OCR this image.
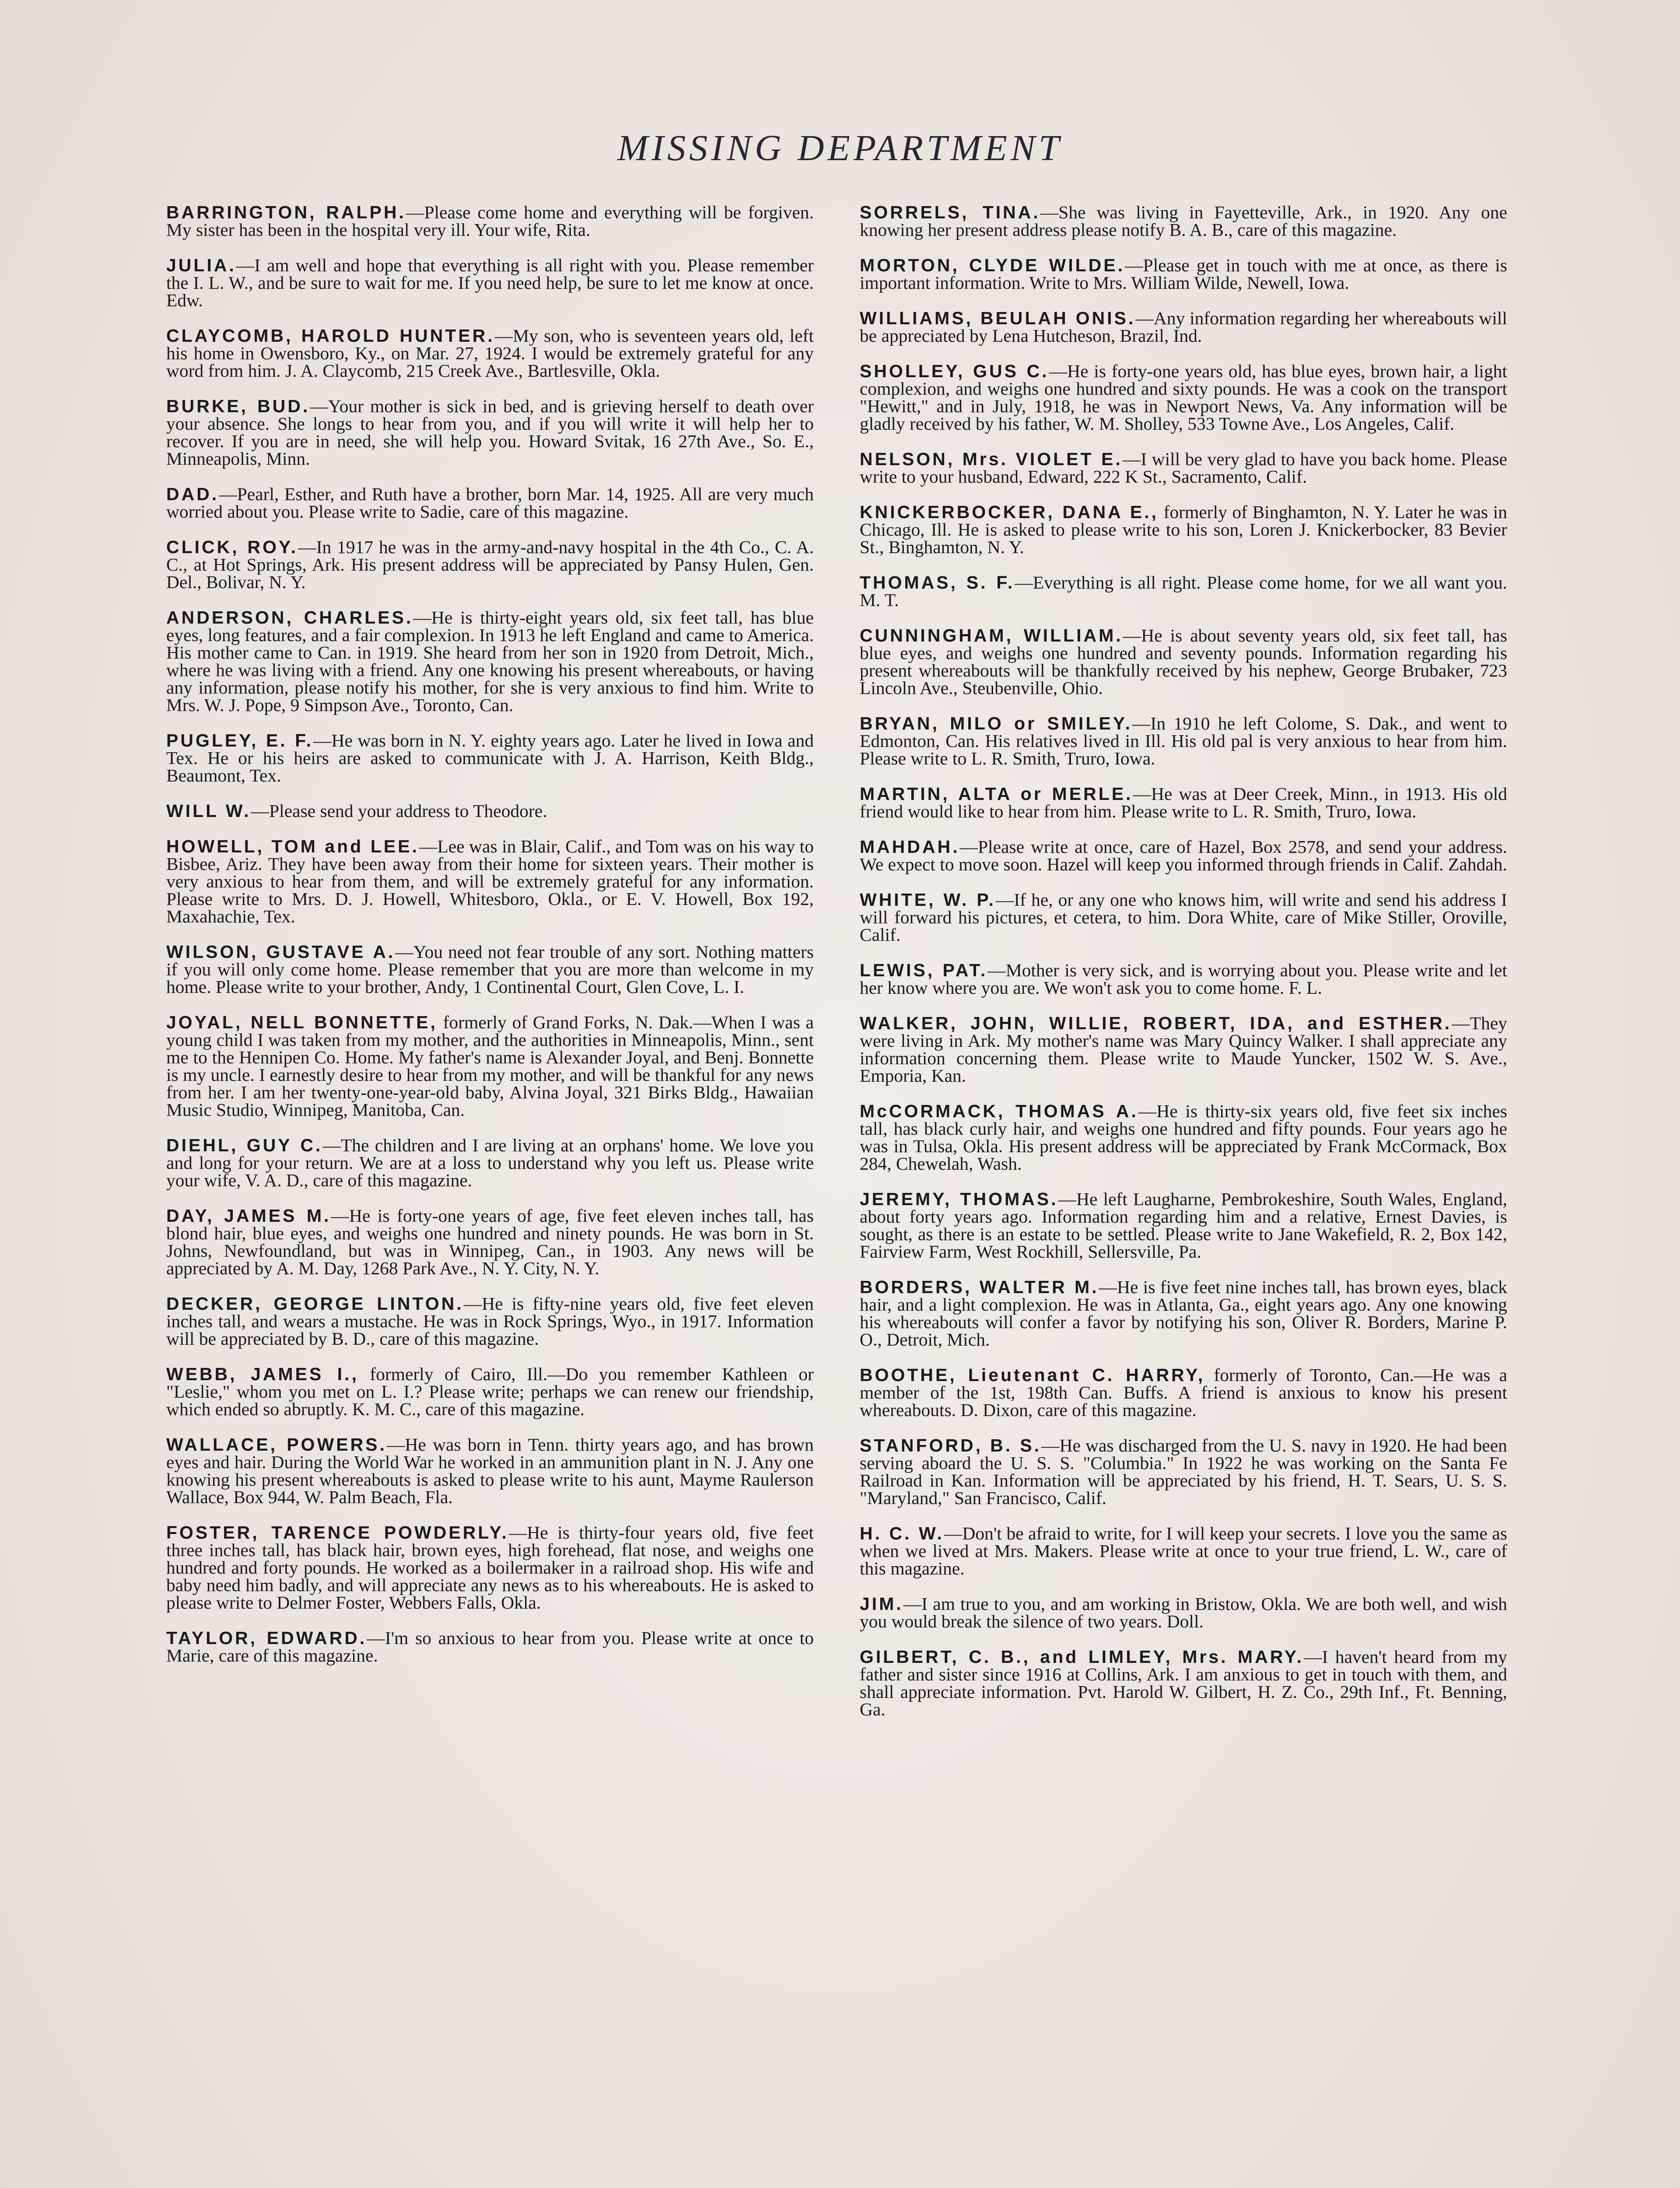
MISSING DEPARTMENT

BARRINGTON, RALPH.—Please come home and everything will be forgiven. My sister has been in the hospital very ill. Your wife, Rita.

JULIA.—I am well and hope that everything is all right with you. Please remember the I. L. W., and be sure to wait for me. If you need help, be sure to let me know at once. Edw.

CLAYCOMB, HAROLD HUNTER.—My son, who is seventeen years old, left his home in Owensboro, Ky., on Mar. 27, 1924. I would be extremely grateful for any word from him. J. A. Claycomb, 215 Creek Ave., Bartlesville, Okla.

BURKE, BUD.—Your mother is sick in bed, and is grieving herself to death over your absence. She longs to hear from you, and if you will write it will help her to recover. If you are in need, she will help you. Howard Svitak, 16 27th Ave., So. E., Minneapolis, Minn.

DAD.—Pearl, Esther, and Ruth have a brother, born Mar. 14, 1925. All are very much worried about you. Please write to Sadie, care of this magazine.

CLICK, ROY.—In 1917 he was in the army-and-navy hospital in the 4th Co., C. A. C., at Hot Springs, Ark. His present address will be appreciated by Pansy Hulen, Gen. Del., Bolivar, N. Y.

ANDERSON, CHARLES.—He is thirty-eight years old, six feet tall, has blue eyes, long features, and a fair complexion. In 1913 he left England and came to America. His mother came to Can. in 1919. She heard from her son in 1920 from Detroit, Mich., where he was living with a friend. Any one knowing his present whereabouts, or having any information, please notify his mother, for she is very anxious to find him. Write to Mrs. W. J. Pope, 9 Simpson Ave., Toronto, Can.

PUGLEY, E. F.—He was born in N. Y. eighty years ago. Later he lived in Iowa and Tex. He or his heirs are asked to communicate with J. A. Harrison, Keith Bldg., Beaumont, Tex.

WILL W.—Please send your address to Theodore.

HOWELL, TOM and LEE.—Lee was in Blair, Calif., and Tom was on his way to Bisbee, Ariz. They have been away from their home for sixteen years. Their mother is very anxious to hear from them, and will be extremely grateful for any information. Please write to Mrs. D. J. Howell, Whitesboro, Okla., or E. V. Howell, Box 192, Maxahachie, Tex.

WILSON, GUSTAVE A.—You need not fear trouble of any sort. Nothing matters if you will only come home. Please remember that you are more than welcome in my home. Please write to your brother, Andy, 1 Continental Court, Glen Cove, L. I.

JOYAL, NELL BONNETTE, formerly of Grand Forks, N. Dak.—When I was a young child I was taken from my mother, and the authorities in Minneapolis, Minn., sent me to the Hennipen Co. Home. My father's name is Alexander Joyal, and Benj. Bonnette is my uncle. I earnestly desire to hear from my mother, and will be thankful for any news from her. I am her twenty-one-year-old baby, Alvina Joyal, 321 Birks Bldg., Hawaiian Music Studio, Winnipeg, Manitoba, Can.

DIEHL, GUY C.—The children and I are living at an orphans' home. We love you and long for your return. We are at a loss to understand why you left us. Please write your wife, V. A. D., care of this magazine.

DAY, JAMES M.—He is forty-one years of age, five feet eleven inches tall, has blond hair, blue eyes, and weighs one hundred and ninety pounds. He was born in St. Johns, Newfoundland, but was in Winnipeg, Can., in 1903. Any news will be appreciated by A. M. Day, 1268 Park Ave., N. Y. City, N. Y.

DECKER, GEORGE LINTON.—He is fifty-nine years old, five feet eleven inches tall, and wears a mustache. He was in Rock Springs, Wyo., in 1917. Information will be appreciated by B. D., care of this magazine.

WEBB, JAMES I., formerly of Cairo, Ill.—Do you remember Kathleen or "Leslie," whom you met on L. I.? Please write; perhaps we can renew our friendship, which ended so abruptly. K. M. C., care of this magazine.

WALLACE, POWERS.—He was born in Tenn. thirty years ago, and has brown eyes and hair. During the World War he worked in an ammunition plant in N. J. Any one knowing his present whereabouts is asked to please write to his aunt, Mayme Raulerson Wallace, Box 944, W. Palm Beach, Fla.

FOSTER, TARENCE POWDERLY.—He is thirty-four years old, five feet three inches tall, has black hair, brown eyes, high forehead, flat nose, and weighs one hundred and forty pounds. He worked as a boilermaker in a railroad shop. His wife and baby need him badly, and will appreciate any news as to his whereabouts. He is asked to please write to Delmer Foster, Webbers Falls, Okla.

TAYLOR, EDWARD.—I'm so anxious to hear from you. Please write at once to Marie, care of this magazine.

SORRELS, TINA.—She was living in Fayetteville, Ark., in 1920. Any one knowing her present address please notify B. A. B., care of this magazine.

MORTON, CLYDE WILDE.—Please get in touch with me at once, as there is important information. Write to Mrs. William Wilde, Newell, Iowa.

WILLIAMS, BEULAH ONIS.—Any information regarding her whereabouts will be appreciated by Lena Hutcheson, Brazil, Ind.

SHOLLEY, GUS C.—He is forty-one years old, has blue eyes, brown hair, a light complexion, and weighs one hundred and sixty pounds. He was a cook on the transport "Hewitt," and in July, 1918, he was in Newport News, Va. Any information will be gladly received by his father, W. M. Sholley, 533 Towne Ave., Los Angeles, Calif.

NELSON, Mrs. VIOLET E.—I will be very glad to have you back home. Please write to your husband, Edward, 222 K St., Sacramento, Calif.

KNICKERBOCKER, DANA E., formerly of Binghamton, N. Y. Later he was in Chicago, Ill. He is asked to please write to his son, Loren J. Knickerbocker, 83 Bevier St., Binghamton, N. Y.

THOMAS, S. F.—Everything is all right. Please come home, for we all want you. M. T.

CUNNINGHAM, WILLIAM.—He is about seventy years old, six feet tall, has blue eyes, and weighs one hundred and seventy pounds. Information regarding his present whereabouts will be thankfully received by his nephew, George Brubaker, 723 Lincoln Ave., Steubenville, Ohio.

BRYAN, MILO or SMILEY.—In 1910 he left Colome, S. Dak., and went to Edmonton, Can. His relatives lived in Ill. His old pal is very anxious to hear from him. Please write to L. R. Smith, Truro, Iowa.

MARTIN, ALTA or MERLE.—He was at Deer Creek, Minn., in 1913. His old friend would like to hear from him. Please write to L. R. Smith, Truro, Iowa.

MAHDAH.—Please write at once, care of Hazel, Box 2578, and send your address. We expect to move soon. Hazel will keep you informed through friends in Calif. Zahdah.

WHITE, W. P.—If he, or any one who knows him, will write and send his address I will forward his pictures, et cetera, to him. Dora White, care of Mike Stiller, Oroville, Calif.

LEWIS, PAT.—Mother is very sick, and is worrying about you. Please write and let her know where you are. We won't ask you to come home. F. L.

WALKER, JOHN, WILLIE, ROBERT, IDA, and ESTHER.—They were living in Ark. My mother's name was Mary Quincy Walker. I shall appreciate any information concerning them. Please write to Maude Yuncker, 1502 W. S. Ave., Emporia, Kan.

McCORMACK, THOMAS A.—He is thirty-six years old, five feet six inches tall, has black curly hair, and weighs one hundred and fifty pounds. Four years ago he was in Tulsa, Okla. His present address will be appreciated by Frank McCormack, Box 284, Chewelah, Wash.

JEREMY, THOMAS.—He left Laugharne, Pembrokeshire, South Wales, England, about forty years ago. Information regarding him and a relative, Ernest Davies, is sought, as there is an estate to be settled. Please write to Jane Wakefield, R. 2, Box 142, Fairview Farm, West Rockhill, Sellersville, Pa.

BORDERS, WALTER M.—He is five feet nine inches tall, has brown eyes, black hair, and a light complexion. He was in Atlanta, Ga., eight years ago. Any one knowing his whereabouts will confer a favor by notifying his son, Oliver R. Borders, Marine P. O., Detroit, Mich.

BOOTHE, Lieutenant C. HARRY, formerly of Toronto, Can.—He was a member of the 1st, 198th Can. Buffs. A friend is anxious to know his present whereabouts. D. Dixon, care of this magazine.

STANFORD, B. S.—He was discharged from the U. S. navy in 1920. He had been serving aboard the U. S. S. "Columbia." In 1922 he was working on the Santa Fe Railroad in Kan. Information will be appreciated by his friend, H. T. Sears, U. S. S. "Maryland," San Francisco, Calif.

H. C. W.—Don't be afraid to write, for I will keep your secrets. I love you the same as when we lived at Mrs. Makers. Please write at once to your true friend, L. W., care of this magazine.

JIM.—I am true to you, and am working in Bristow, Okla. We are both well, and wish you would break the silence of two years. Doll.

GILBERT, C. B., and LIMLEY, Mrs. MARY.—I haven't heard from my father and sister since 1916 at Collins, Ark. I am anxious to get in touch with them, and shall appreciate information. Pvt. Harold W. Gilbert, H. Z. Co., 29th Inf., Ft. Benning, Ga.
